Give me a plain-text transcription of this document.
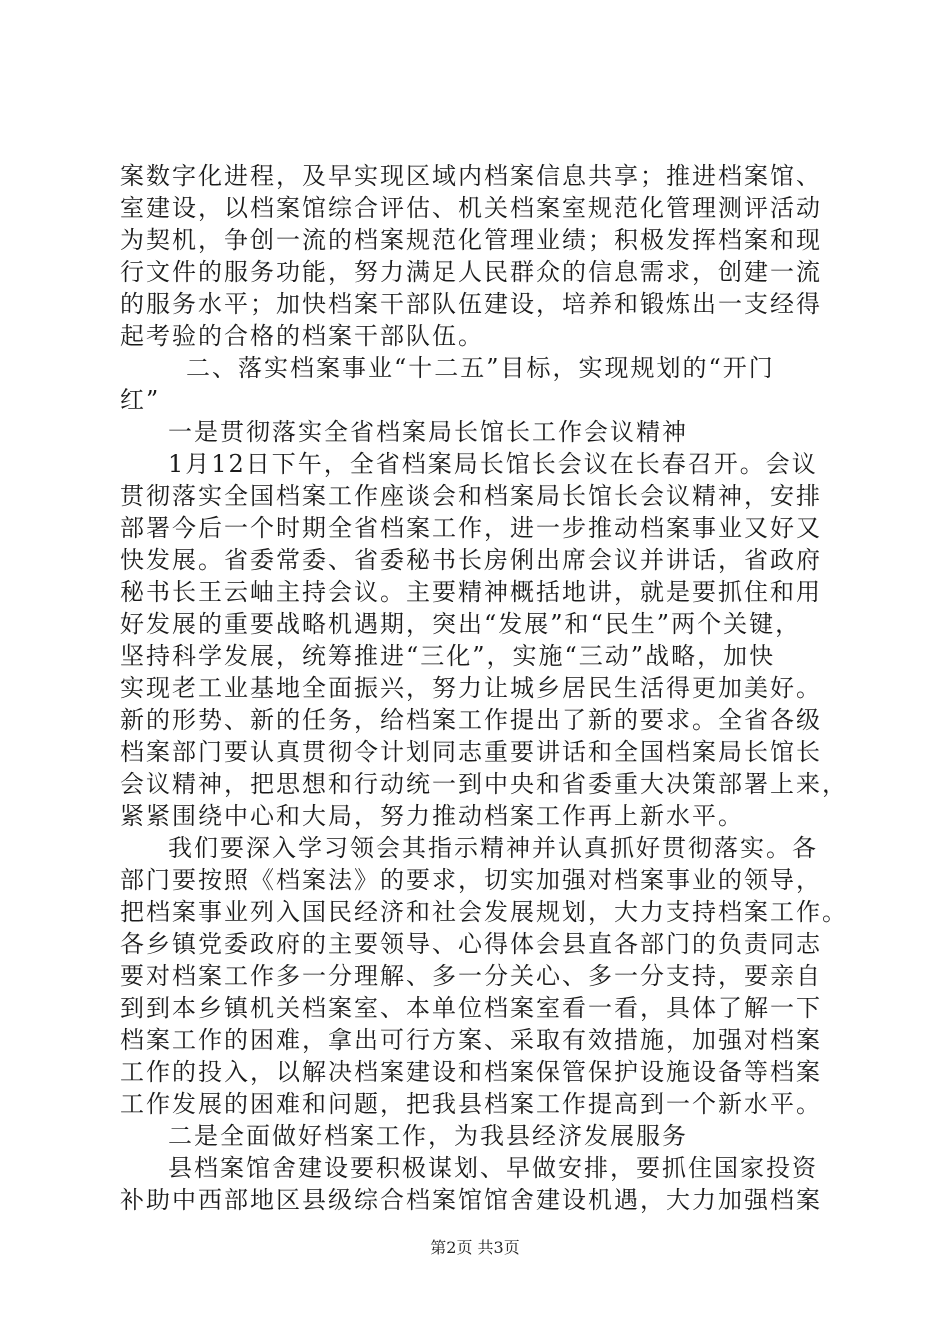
案数字化进程，及早实现区域内档案信息共享；推进档案馆、
室建设，以档案馆综合评估、机关档案室规范化管理测评活动
为契机，争创一流的档案规范化管理业绩；积极发挥档案和现
行文件的服务功能，努力满足人民群众的信息需求，创建一流
的服务水平；加快档案干部队伍建设，培养和锻炼出一支经得
起考验的合格的档案干部队伍。
二、落实档案事业“十二五”目标，实现规划的“开门
红”
一是贯彻落实全省档案局长馆长工作会议精神
1月12日下午，全省档案局长馆长会议在长春召开。会议
贯彻落实全国档案工作座谈会和档案局长馆长会议精神，安排
部署今后一个时期全省档案工作，进一步推动档案事业又好又
快发展。省委常委、省委秘书长房俐出席会议并讲话，省政府
秘书长王云岫主持会议。主要精神概括地讲，就是要抓住和用
好发展的重要战略机遇期，突出“发展”和“民生”两个关键，
坚持科学发展，统筹推进“三化”，实施“三动”战略，加快
实现老工业基地全面振兴，努力让城乡居民生活得更加美好。
新的形势、新的任务，给档案工作提出了新的要求。全省各级
档案部门要认真贯彻令计划同志重要讲话和全国档案局长馆长
会议精神，把思想和行动统一到中央和省委重大决策部署上来，
紧紧围绕中心和大局，努力推动档案工作再上新水平。
我们要深入学习领会其指示精神并认真抓好贯彻落实。各
部门要按照《档案法》的要求，切实加强对档案事业的领导，
把档案事业列入国民经济和社会发展规划，大力支持档案工作。
各乡镇党委政府的主要领导、心得体会县直各部门的负责同志
要对档案工作多一分理解、多一分关心、多一分支持，要亲自
到到本乡镇机关档案室、本单位档案室看一看，具体了解一下
档案工作的困难，拿出可行方案、采取有效措施，加强对档案
工作的投入，以解决档案建设和档案保管保护设施设备等档案
工作发展的困难和问题，把我县档案工作提高到一个新水平。
二是全面做好档案工作，为我县经济发展服务
县档案馆舍建设要积极谋划、早做安排，要抓住国家投资
补助中西部地区县级综合档案馆馆舍建设机遇，大力加强档案
第2页 共3页
